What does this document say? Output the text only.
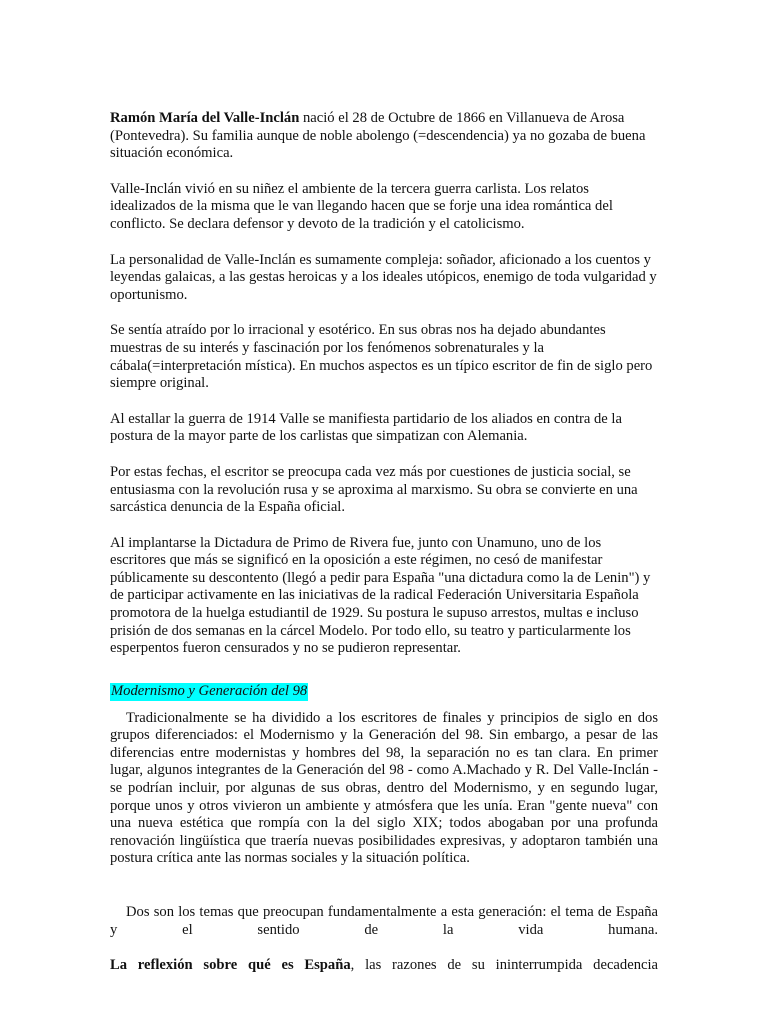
Ramón María del Valle-Inclán nació el 28 de Octubre de 1866 en Villanueva de Arosa (Pontevedra). Su familia aunque de noble abolengo (=descendencia) ya no gozaba de buena situación económica.

Valle-Inclán vivió en su niñez el ambiente de la tercera guerra carlista. Los relatos idealizados de la misma que le van llegando hacen que se forje una idea romántica del conflicto. Se declara defensor y devoto de la tradición y el catolicismo.

La personalidad de Valle-Inclán es sumamente compleja: soñador, aficionado a los cuentos y leyendas galaicas, a las gestas heroicas y a los ideales utópicos, enemigo de toda vulgaridad y oportunismo.

Se sentía atraído por lo irracional y esotérico. En sus obras nos ha dejado abundantes muestras de su interés y fascinación por los fenómenos sobrenaturales y la cábala(=interpretación mística). En muchos aspectos es un típico escritor de fin de siglo pero siempre original.

Al estallar la guerra de 1914 Valle se manifiesta partidario de los aliados en contra de la postura de la mayor parte de los carlistas que simpatizan con Alemania.

Por estas fechas, el escritor se preocupa cada vez más por cuestiones de justicia social, se entusiasma con la revolución rusa y se aproxima al marxismo. Su obra se convierte en una sarcástica denuncia de la España oficial.

Al implantarse la Dictadura de Primo de Rivera fue, junto con Unamuno, uno de los escritores que más se significó en la oposición a este régimen, no cesó de manifestar públicamente su descontento (llegó a pedir para España "una dictadura como la de Lenin") y de participar activamente en las iniciativas de la radical Federación Universitaria Española promotora de la huelga estudiantil de 1929. Su postura le supuso arrestos, multas e incluso prisión de dos semanas en la cárcel Modelo. Por todo ello, su teatro y particularmente los esperpentos fueron censurados y no se pudieron representar.

Modernismo y Generación del 98

Tradicionalmente se ha dividido a los escritores de finales y principios de siglo en dos grupos diferenciados: el Modernismo y la Generación del 98. Sin embargo, a pesar de las diferencias entre modernistas y hombres del 98, la separación no es tan clara. En primer lugar, algunos integrantes de la Generación del 98 - como A.Machado y R. Del Valle-Inclán - se podrían incluir, por algunas de sus obras, dentro del Modernismo, y en segundo lugar, porque unos y otros vivieron un ambiente y atmósfera que les unía. Eran "gente nueva" con una nueva estética que rompía con la del siglo XIX; todos abogaban por una profunda renovación lingüística que traería nuevas posibilidades expresivas, y adoptaron también una postura crítica ante las normas sociales y la situación política.

Dos son los temas que preocupan fundamentalmente a esta generación: el tema de España y el sentido de la vida humana.

La reflexión sobre qué es España, las razones de su ininterrumpida decadencia
